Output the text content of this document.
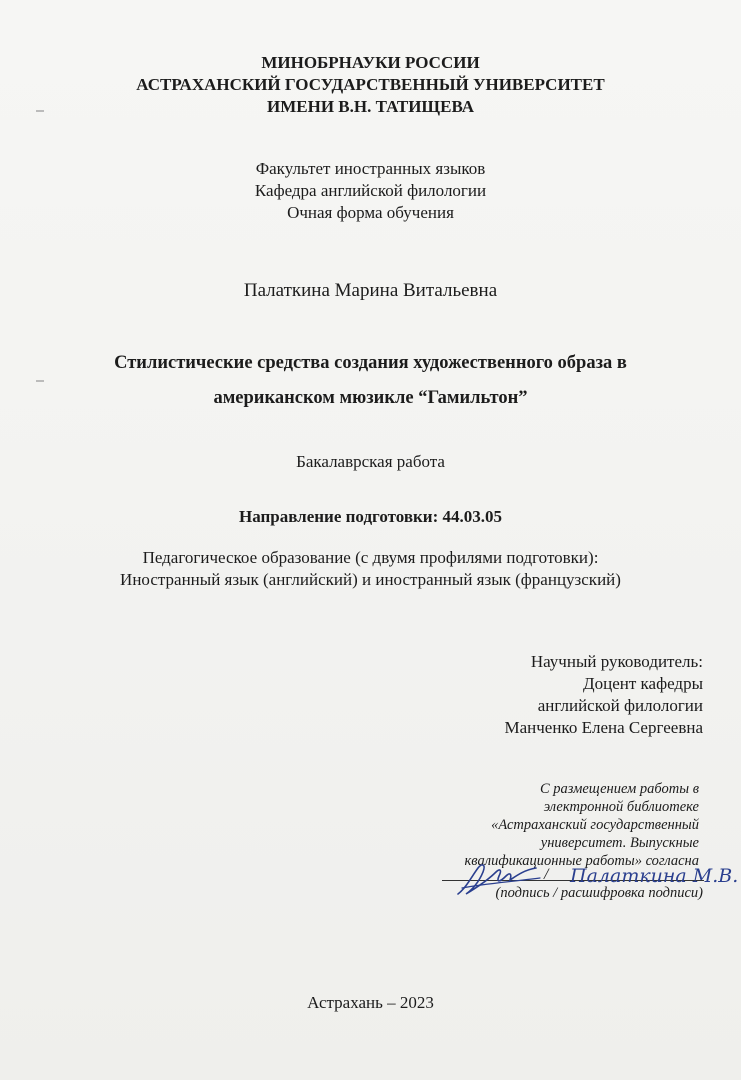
МИНОБРНАУКИ РОССИИ
АСТРАХАНСКИЙ ГОСУДАРСТВЕННЫЙ УНИВЕРСИТЕТ
ИМЕНИ В.Н. ТАТИЩЕВА
Факультет иностранных языков
Кафедра английской филологии
Очная форма обучения
Палаткина Марина Витальевна
Стилистические средства создания художественного образа в
американском мюзикле “Гамильтон”
Бакалаврская работа
Направление подготовки: 44.03.05
Педагогическое образование (с двумя профилями подготовки):
Иностранный язык (английский) и иностранный язык (французский)
Научный руководитель:
Доцент кафедры
английской филологии
Манченко Елена Сергеевна
С размещением работы в
электронной библиотеке
«Астраханский государственный
университет. Выпускные
квалификационные работы» согласна
/ Палаткина М.В.
(подпись / расшифровка подписи)
Астрахань – 2023
